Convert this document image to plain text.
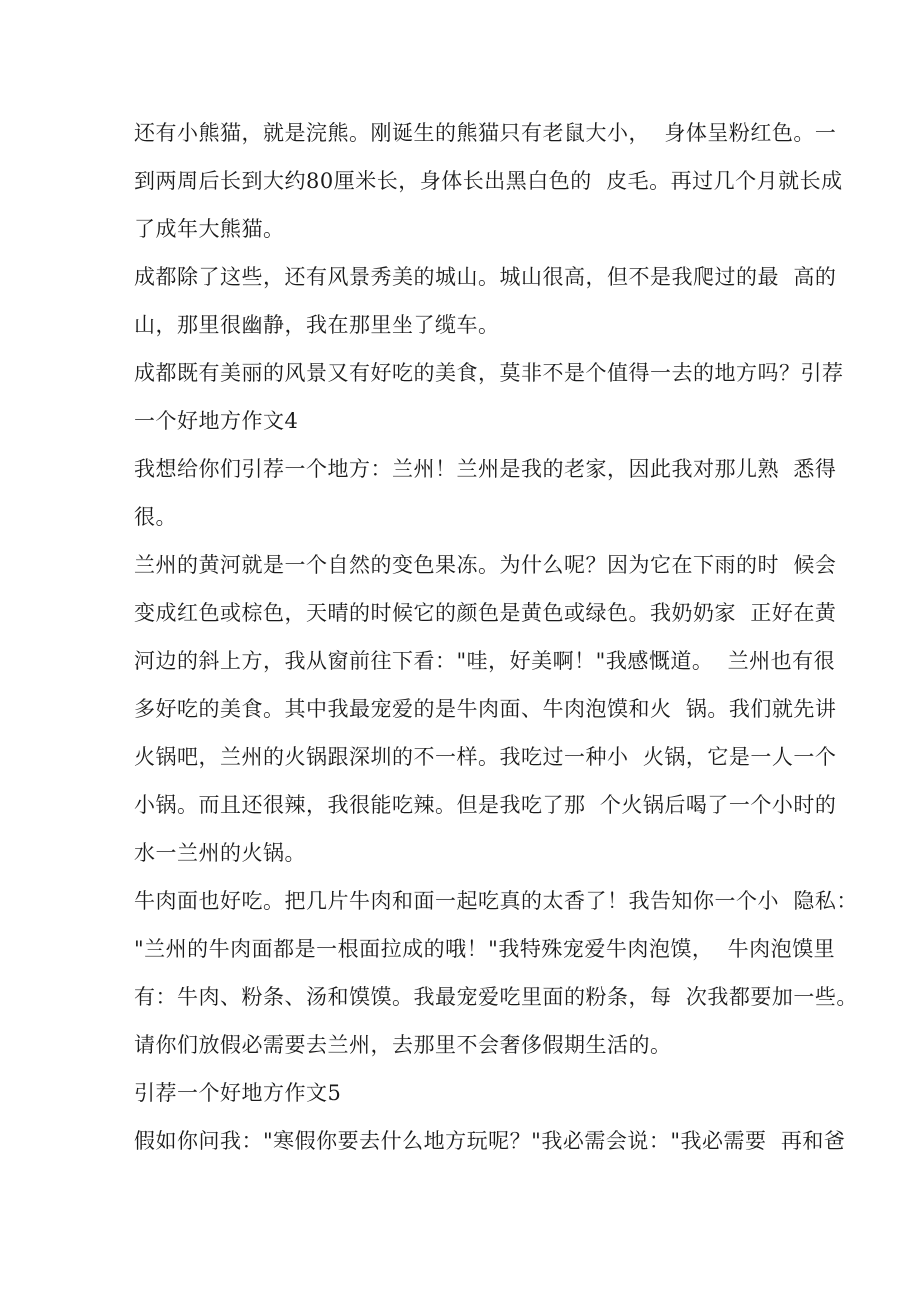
还有小熊猫，就是浣熊。刚诞生的熊猫只有老鼠大小，  身体呈粉红色。一
到两周后长到大约80厘米长，身体长出黑白色的  皮毛。再过几个月就长成
了成年大熊猫。
成都除了这些，还有风景秀美的城山。城山很高，但不是我爬过的最  高的
山，那里很幽静，我在那里坐了缆车。
成都既有美丽的风景又有好吃的美食，莫非不是个值得一去的地方吗？引荐
一个好地方作文4
我想给你们引荐一个地方：兰州！兰州是我的老家，因此我对那儿熟  悉得
很。
兰州的黄河就是一个自然的变色果冻。为什么呢？因为它在下雨的时  候会
变成红色或棕色，天晴的时候它的颜色是黄色或绿色。我奶奶家  正好在黄
河边的斜上方，我从窗前往下看："哇，好美啊！"我感慨道。  兰州也有很
多好吃的美食。其中我最宠爱的是牛肉面、牛肉泡馍和火  锅。我们就先讲
火锅吧，兰州的火锅跟深圳的不一样。我吃过一种小  火锅，它是一人一个
小锅。而且还很辣，我很能吃辣。但是我吃了那  个火锅后喝了一个小时的
水一兰州的火锅。
牛肉面也好吃。把几片牛肉和面一起吃真的太香了！我告知你一个小  隐私：
"兰州的牛肉面都是一根面拉成的哦！"我特殊宠爱牛肉泡馍，  牛肉泡馍里
有：牛肉、粉条、汤和馍馍。我最宠爱吃里面的粉条，每  次我都要加一些。
请你们放假必需要去兰州，去那里不会奢侈假期生活的。
引荐一个好地方作文5
假如你问我："寒假你要去什么地方玩呢？"我必需会说："我必需要  再和爸
